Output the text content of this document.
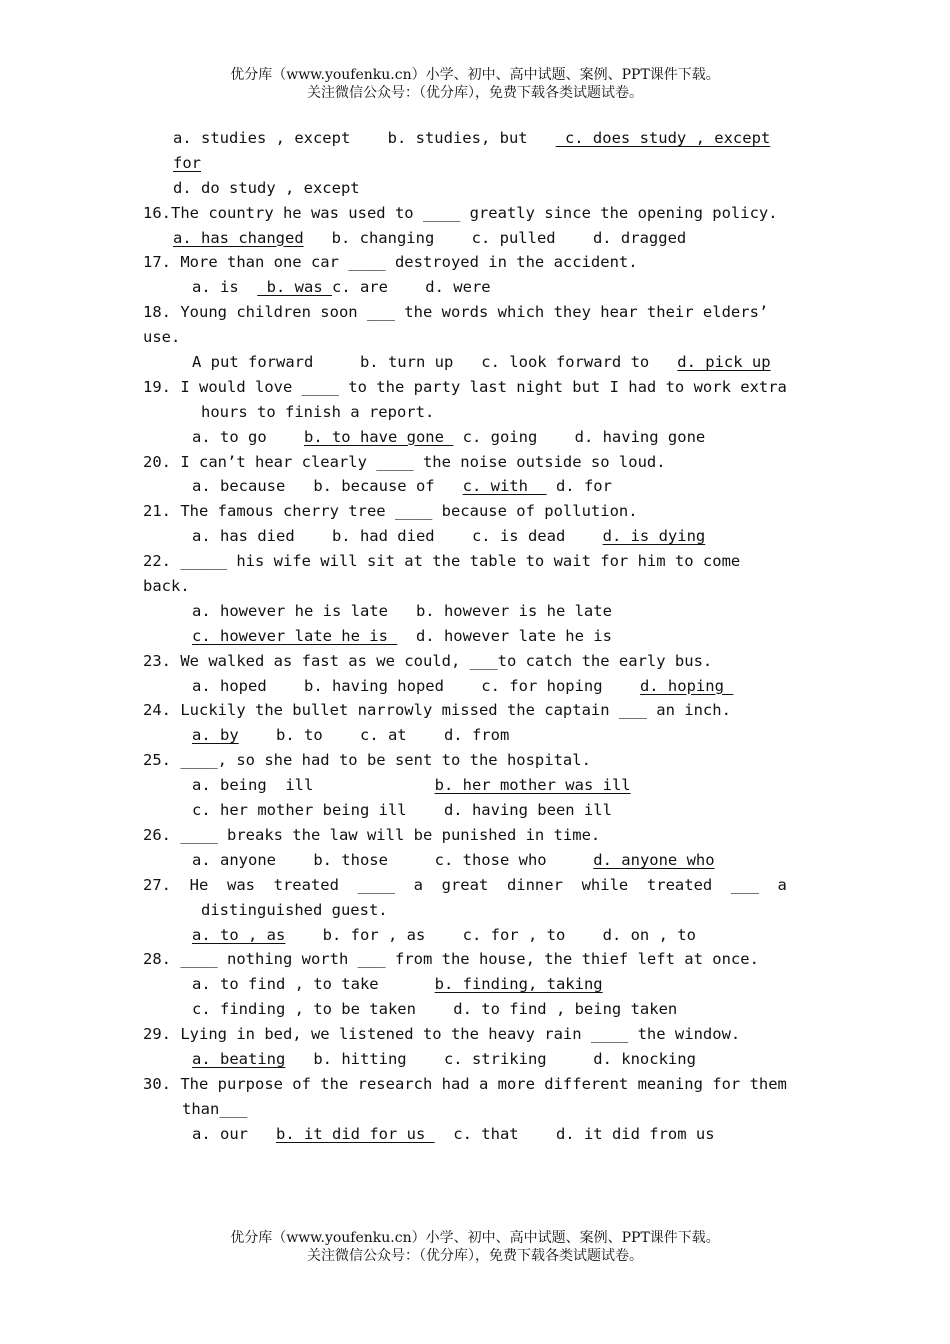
优分库（www.youfenku.cn）小学、初中、高中试题、案例、PPT课件下载。
关注微信公众号：（优分库），免费下载各类试题试卷。
a. studies , except    b. studies, but    c. does study , except
for
d. do study , except
16.The country he was used to ____ greatly since the opening policy.
a. has changed   b. changing    c. pulled    d. dragged
17. More than one car ____ destroyed in the accident.
a. is   b. was c. are    d. were
18. Young children soon ___ the words which they hear their elders’
use.
A put forward     b. turn up   c. look forward to   d. pick up
19. I would love ____ to the party last night but I had to work extra
hours to finish a report.
a. to go    b. to have gone  c. going    d. having gone
20. I can’t hear clearly ____ the noise outside so loud.
a. because   b. because of   c. with   d. for
21. The famous cherry tree ____ because of pollution.
a. has died    b. had died    c. is dead    d. is dying
22. _____ his wife will sit at the table to wait for him to come
back.
a. however he is late   b. however is he late
c. however late he is   d. however late he is
23. We walked as fast as we could, ___to catch the early bus.
a. hoped    b. having hoped    c. for hoping    d. hoping
24. Luckily the bullet narrowly missed the captain ___ an inch.
a. by    b. to    c. at    d. from
25. ____, so she had to be sent to the hospital.
a. being  ill             b. her mother was ill
c. her mother being ill    d. having been ill
26. ____ breaks the law will be punished in time.
a. anyone    b. those     c. those who     d. anyone who
27.  He  was  treated  ____  a  great  dinner  while  treated  ___  a
distinguished guest.
a. to , as    b. for , as    c. for , to    d. on , to
28. ____ nothing worth ___ from the house, the thief left at once.
a. to find , to take      b. finding, taking
c. finding , to be taken    d. to find , being taken
29. Lying in bed, we listened to the heavy rain ____ the window.
a. beating   b. hitting    c. striking     d. knocking
30. The purpose of the research had a more different meaning for them
than___
a. our   b. it did for us   c. that    d. it did from us
优分库（www.youfenku.cn）小学、初中、高中试题、案例、PPT课件下载。
关注微信公众号：（优分库），免费下载各类试题试卷。
